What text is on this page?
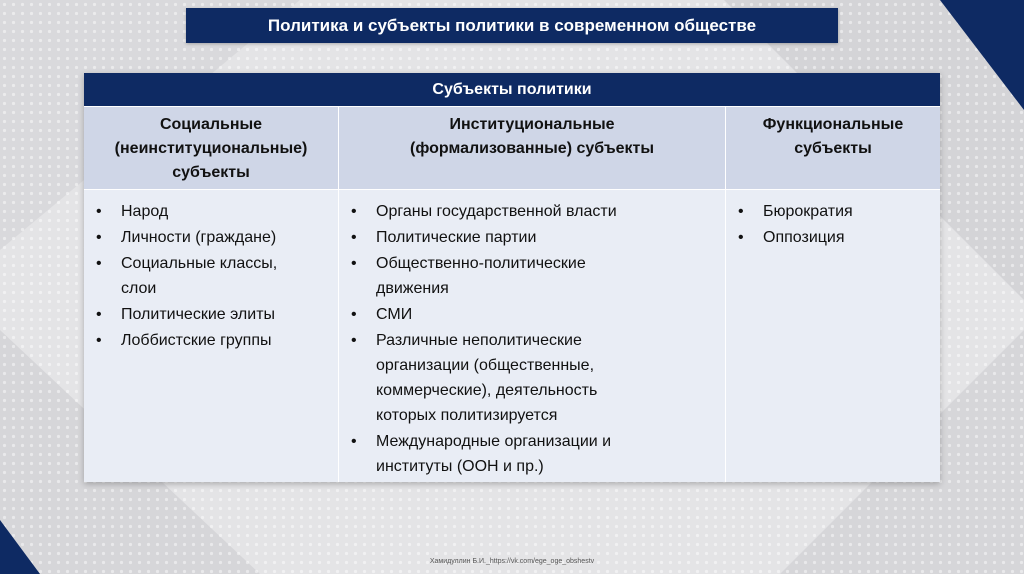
Политика и субъекты политики в современном обществе
Субъекты политики
Социальные
(неинституциональные)
субъекты
Институциональные
(формализованные) субъекты
Функциональные
субъекты
• Народ
• Личности (граждане)
• Социальные классы,
слои
• Политические элиты
• Лоббистские группы
• Органы государственной власти
• Политические партии
• Общественно-политические
движения
• СМИ
• Различные неполитические
организации (общественные,
коммерческие), деятельность
которых политизируется
• Международные организации и
институты (ООН и пр.)
• Бюрократия
• Оппозиция
Хамидуллин Б.И._https://vk.com/ege_oge_obshestv
